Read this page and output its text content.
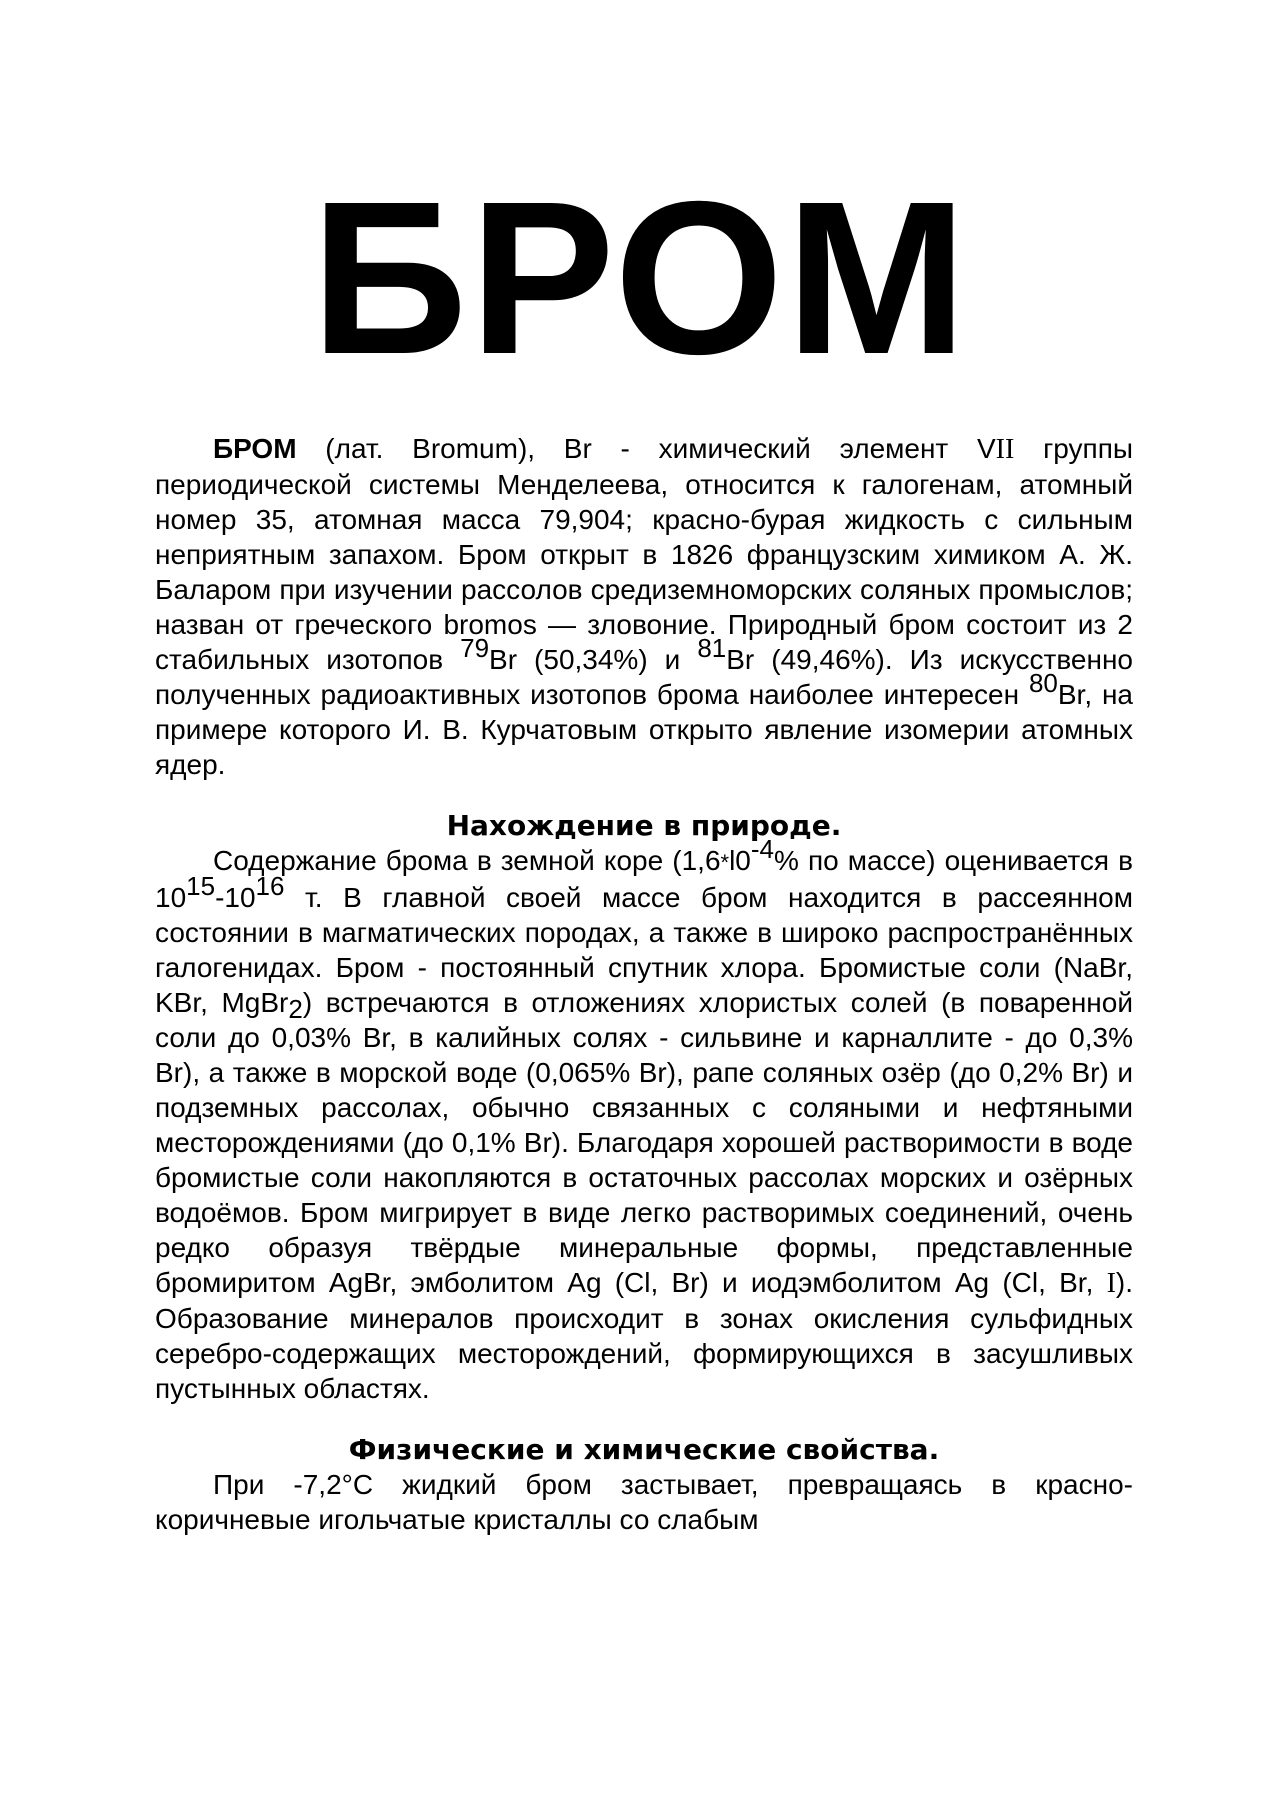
БРОМ

БРОМ (лат. Bromum), Br - химический элемент VII группы периодической системы Менделеева, относится к галогенам, атомный номер 35, атомная масса 79,904; красно-бурая жидкость с сильным неприятным запахом. Бром открыт в 1826 французским химиком А. Ж. Баларом при изучении рассолов средиземноморских соляных промыслов; назван от греческого bromos — зловоние. Природный бром состоит из 2 стабильных изотопов $^{79}$Br (50,34%) и $^{81}$Br (49,46%). Из искусственно полученных радиоактивных изотопов брома наиболее интересен $^{80}$Br, на примере которого И. В. Курчатовым открыто явление изомерии атомных ядер.

Нахождение в природе.

Содержание брома в земной коре ($1,6*l0^{-4}\%$ по массе) оценивается в $10^{15}-10^{16}$ т. В главной своей массе бром находится в рассеянном состоянии в магматических породах, а также в широко распространённых галогенидах. Бром - постоянный спутник хлора. Бромистые соли (NaBr, KBr, MgBr$_2$) встречаются в отложениях хлористых солей (в поваренной соли до 0,03% Br, в калийных солях - сильвине и карналлите - до 0,3% Br), а также в морской воде (0,065% Br), рапе соляных озёр (до 0,2% Br) и подземных рассолах, обычно связанных с соляными и нефтяными месторождениями (до 0,1% Br). Благодаря хорошей растворимости в воде бромистые соли накопляются в остаточных рассолах морских и озёрных водоёмов. Бром мигрирует в виде легко растворимых соединений, очень редко образуя твёрдые минеральные формы, представленные бромиритом AgBr, эмболитом Ag (Cl, Br) и иодэмболитом Ag (Cl, Br, I). Образование минералов происходит в зонах окисления сульфидных серебро-содержащих месторождений, формирующихся в засушливых пустынных областях.

Физические и химические свойства.

При -7,2°C жидкий бром застывает, превращаясь в красно-коричневые игольчатые кристаллы со слабым
